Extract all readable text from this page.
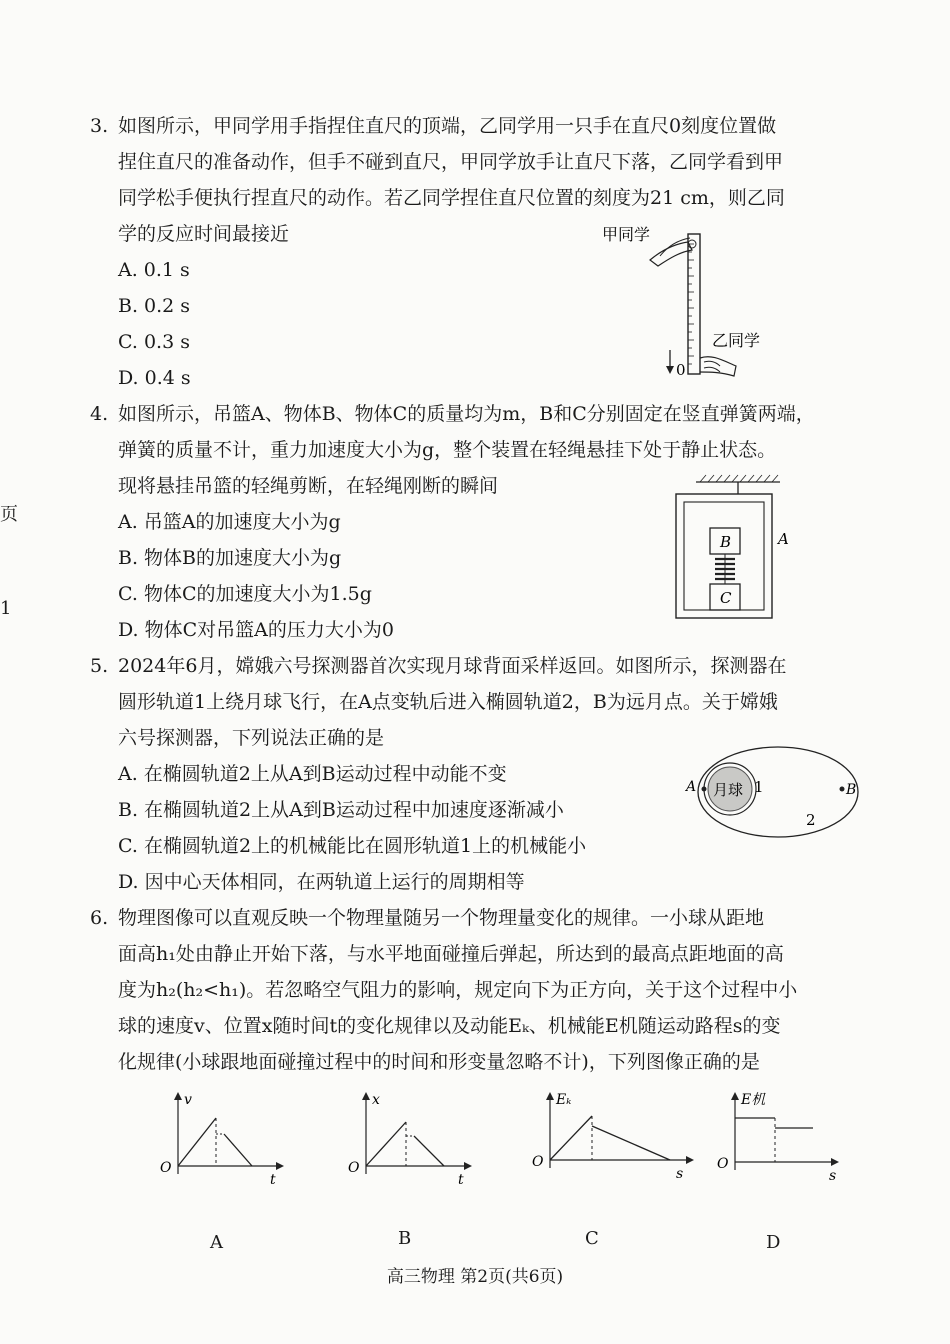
页
1
3. 如图所示，甲同学用手指捏住直尺的顶端，乙同学用一只手在直尺0刻度位置做
捏住直尺的准备动作，但手不碰到直尺，甲同学放手让直尺下落，乙同学看到甲
同学松手便执行捏直尺的动作。若乙同学捏住直尺位置的刻度为21 cm，则乙同
学的反应时间最接近
A. 0.1 s
B. 0.2 s
C. 0.3 s
D. 0.4 s
甲同学
乙同学
0
4. 如图所示，吊篮A、物体B、物体C的质量均为m，B和C分别固定在竖直弹簧两端，
弹簧的质量不计，重力加速度大小为g，整个装置在轻绳悬挂下处于静止状态。
现将悬挂吊篮的轻绳剪断，在轻绳刚断的瞬间
A. 吊篮A的加速度大小为g
B. 物体B的加速度大小为g
C. 物体C的加速度大小为1.5g
D. 物体C对吊篮A的压力大小为0
A
B
C
5. 2024年6月，嫦娥六号探测器首次实现月球背面采样返回。如图所示，探测器在
圆形轨道1上绕月球飞行，在A点变轨后进入椭圆轨道2，B为远月点。关于嫦娥
六号探测器，下列说法正确的是
A. 在椭圆轨道2上从A到B运动过程中动能不变
B. 在椭圆轨道2上从A到B运动过程中加速度逐渐减小
C. 在椭圆轨道2上的机械能比在圆形轨道1上的机械能小
D. 因中心天体相同，在两轨道上运行的周期相等
月球 1
A	B
2
6. 物理图像可以直观反映一个物理量随另一个物理量变化的规律。一小球从距地
面高h₁处由静止开始下落，与水平地面碰撞后弹起，所达到的最高点距地面的高
度为h₂(h₂<h₁)。若忽略空气阻力的影响，规定向下为正方向，关于这个过程中小
球的速度v、位置x随时间t的变化规律以及动能Eₖ、机械能E机随运动路程s的变
化规律(小球跟地面碰撞过程中的时间和形变量忽略不计)，下列图像正确的是
v
t
O
A
x
t
O
B
Eₖ
s
O
C
E机
s
O
D
高三物理 第2页(共6页)
